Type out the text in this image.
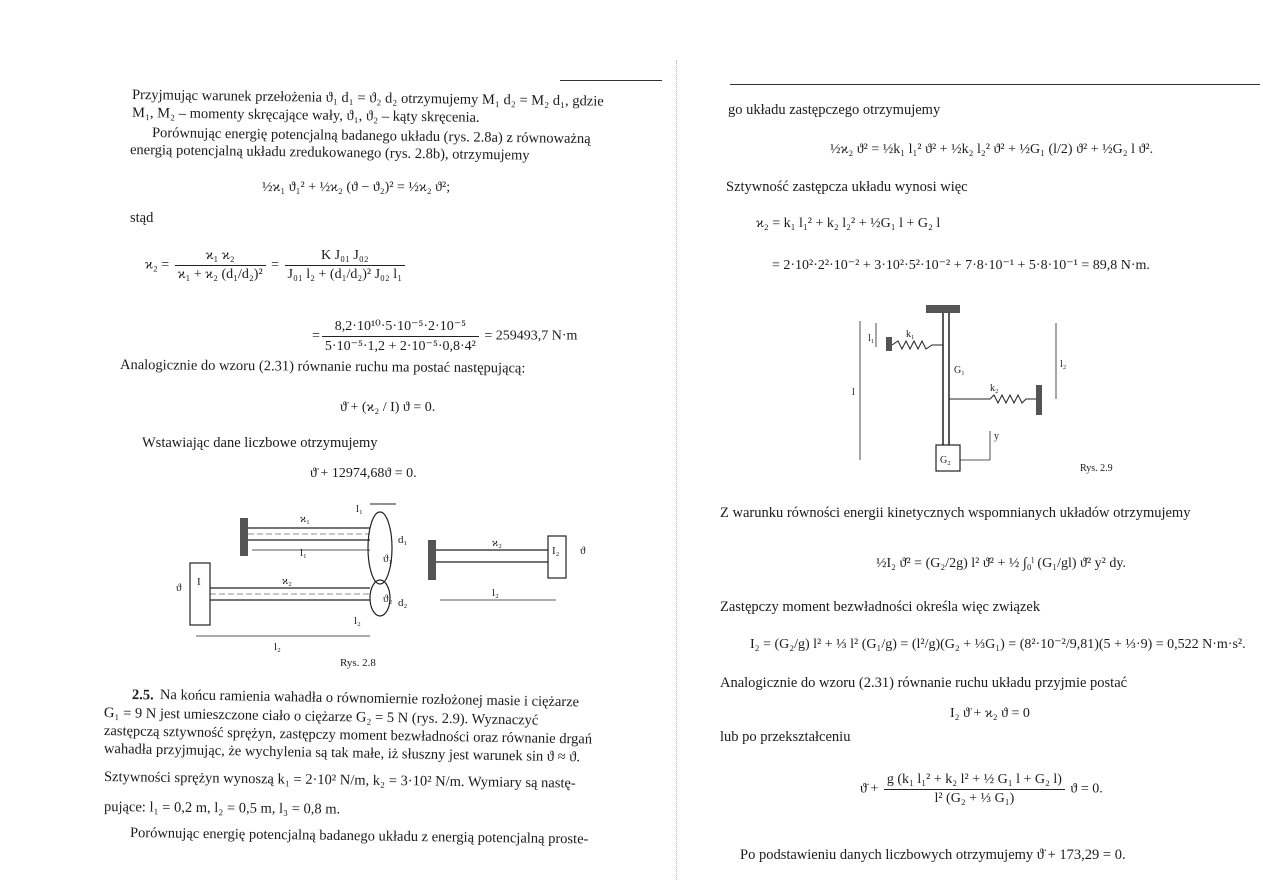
Przyjmując warunek przełożenia ϑ₁ d₁ = ϑ₂ d₂ otrzymujemy M₁ d₂ = M₂ d₁, gdzie
M₁, M₂ – momenty skręcające wały, ϑ₁, ϑ₂ – kąty skręcenia.
Porównując energię potencjalną badanego układu (rys. 2.8a) z równoważną
energią potencjalną układu zredukowanego (rys. 2.8b), otrzymujemy
½ϰ₁ ϑ₁² + ½ϰ₂ (ϑ − ϑ₂)² = ½ϰ₂ ϑ²;
stąd
$ϰ_2 = \frac{\text{ϰ₁ ϰ₂}}{\text{ϰ₁ + ϰ₂ (d₁/d₂)²}} = \frac{\text{K J₀₁ J₀₂}}{\text{J₀₁ l₂ + (d₁/d₂)² J₀₂ l₁}}$
= $\frac{\text{8,2·10¹⁰·5·10⁻⁵·2·10⁻⁵}}{\text{5·10⁻⁵·1,2 + 2·10⁻⁵·0,8·4²}} = 259493,7$ N·m
Analogicznie do wzoru (2.31) równanie ruchu ma postać następującą:
ϑ̈ + (ϰ₂ / I) ϑ = 0.
Wstawiając dane liczbowe otrzymujemy
ϑ̈ + 12974,68ϑ = 0.
ϰ₁
l₁
d₁
ϑ₁
l₁
I
ϑ
ϰ₂
d₂
ϑ₂
l₂
l₂
ϰ₂
I₂ ϑ
l₂
Rys. 2.8
2.5. Na końcu ramienia wahadła o równomiernie rozłożonej masie i ciężarze
G₁ = 9 N jest umieszczone ciało o ciężarze G₂ = 5 N (rys. 2.9). Wyznaczyć
zastępczą sztywność sprężyn, zastępczy moment bezwładności oraz równanie drgań
wahadła przyjmując, że wychylenia są tak małe, iż słuszny jest warunek sin ϑ ≈ ϑ.
Sztywności sprężyn wynoszą k₁ = 2·10² N/m, k₂ = 3·10² N/m. Wymiary są nastę-
pujące: l₁ = 0,2 m, l₂ = 0,5 m, l₃ = 0,8 m.
Porównując energię potencjalną badanego układu z energią potencjalną proste-
go układu zastępczego otrzymujemy
½ϰ₂ ϑ² = ½k₁ l₁² ϑ² + ½k₂ l₂² ϑ² + ½G₁ (l/2) ϑ² + ½G₂ l ϑ².
Sztywność zastępcza układu wynosi więc
ϰ₂ = k₁ l₁² + k₂ l₂² + ½G₁ l + G₂ l
= 2·10²·2²·10⁻² + 3·10²·5²·10⁻² + 7·8·10⁻¹ + 5·8·10⁻¹ = 89,8 N·m.
G₁
k₁
k₂
G₂
l
l₁
l₂
y
Rys. 2.9
Z warunku równości energii kinetycznych wspomnianych układów otrzymujemy
½I₂ ϑ̇² = (G₂/2g) l² ϑ̇² + ½ ∫₀ˡ (G₁/gl) ϑ̇² y² dy.
Zastępczy moment bezwładności określa więc związek
I₂ = (G₂/g) l² + ⅓ l² (G₁/g) = (l²/g)(G₂ + ⅓G₁) = (8²·10⁻²/9,81)(5 + ⅓·9) = 0,522 N·m·s².
Analogicznie do wzoru (2.31) równanie ruchu układu przyjmie postać
I₂ ϑ̈ + ϰ₂ ϑ = 0
lub po przekształceniu
ϑ̈ + $\frac{\text{g (k₁ l₁² + k₂ l² + ½ G₁ l + G₂ l)}}{\text{l² (G₂ + ⅓ G₁)}}$ ϑ = 0.
Po podstawieniu danych liczbowych otrzymujemy ϑ̈ + 173,29 = 0.
